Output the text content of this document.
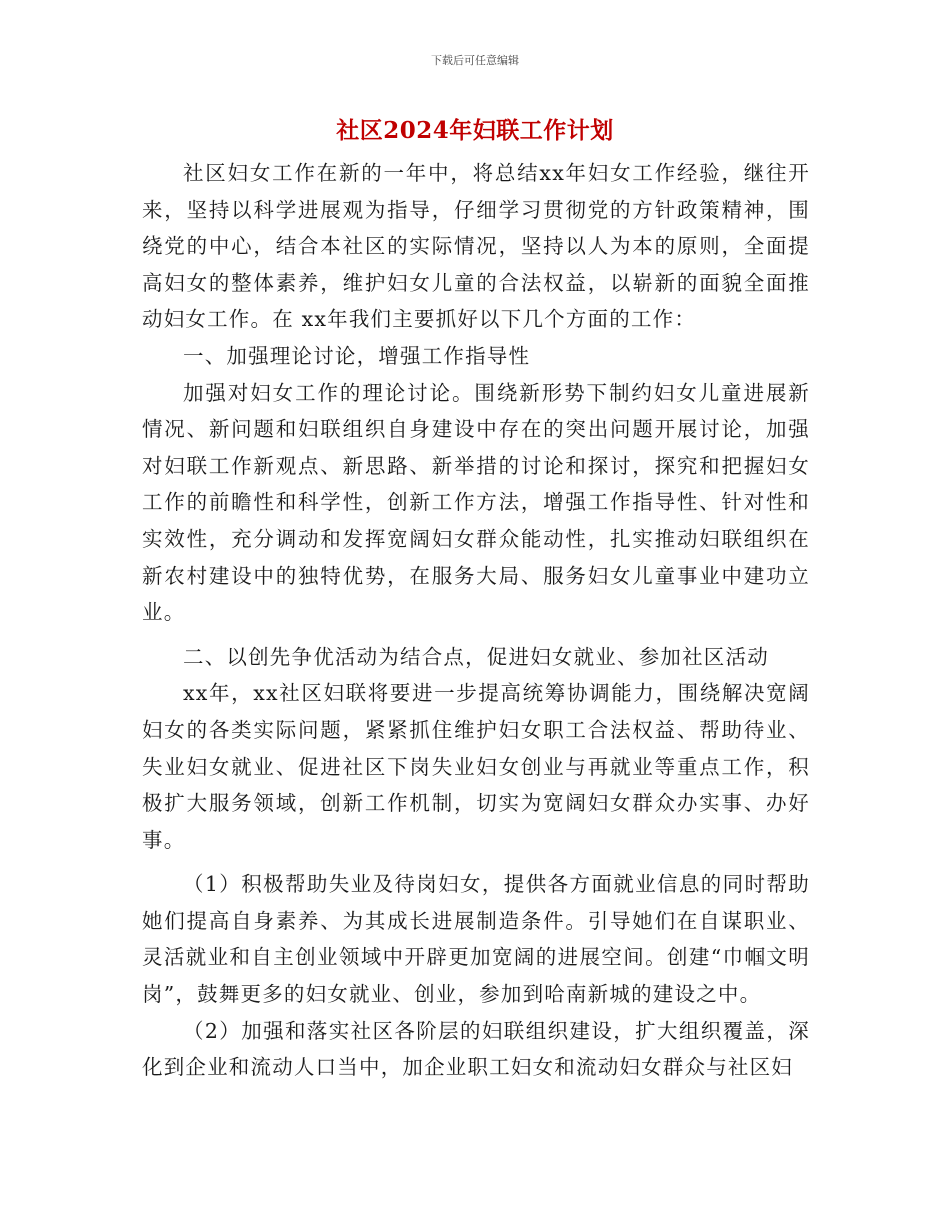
下载后可任意编辑
社区2024年妇联工作计划

社区妇女工作在新的一年中，将总结xx年妇女工作经验，继往开来，坚持以科学进展观为指导，仔细学习贯彻党的方针政策精神，围绕党的中心，结合本社区的实际情况，坚持以人为本的原则，全面提高妇女的整体素养，维护妇女儿童的合法权益，以崭新的面貌全面推动妇女工作。在 xx年我们主要抓好以下几个方面的工作：

一、加强理论讨论，增强工作指导性

加强对妇女工作的理论讨论。围绕新形势下制约妇女儿童进展新情况、新问题和妇联组织自身建设中存在的突出问题开展讨论，加强对妇联工作新观点、新思路、新举措的讨论和探讨，探究和把握妇女工作的前瞻性和科学性，创新工作方法，增强工作指导性、针对性和实效性，充分调动和发挥宽阔妇女群众能动性，扎实推动妇联组织在新农村建设中的独特优势，在服务大局、服务妇女儿童事业中建功立业。

二、以创先争优活动为结合点，促进妇女就业、参加社区活动

xx年，xx社区妇联将要进一步提高统筹协调能力，围绕解决宽阔妇女的各类实际问题，紧紧抓住维护妇女职工合法权益、帮助待业、失业妇女就业、促进社区下岗失业妇女创业与再就业等重点工作，积极扩大服务领域，创新工作机制，切实为宽阔妇女群众办实事、办好事。

（1）积极帮助失业及待岗妇女，提供各方面就业信息的同时帮助她们提高自身素养、为其成长进展制造条件。引导她们在自谋职业、灵活就业和自主创业领域中开辟更加宽阔的进展空间。创建“巾帼文明岗”，鼓舞更多的妇女就业、创业，参加到哈南新城的建设之中。

（2）加强和落实社区各阶层的妇联组织建设，扩大组织覆盖，深化到企业和流动人口当中，加企业职工妇女和流动妇女群众与社区妇
